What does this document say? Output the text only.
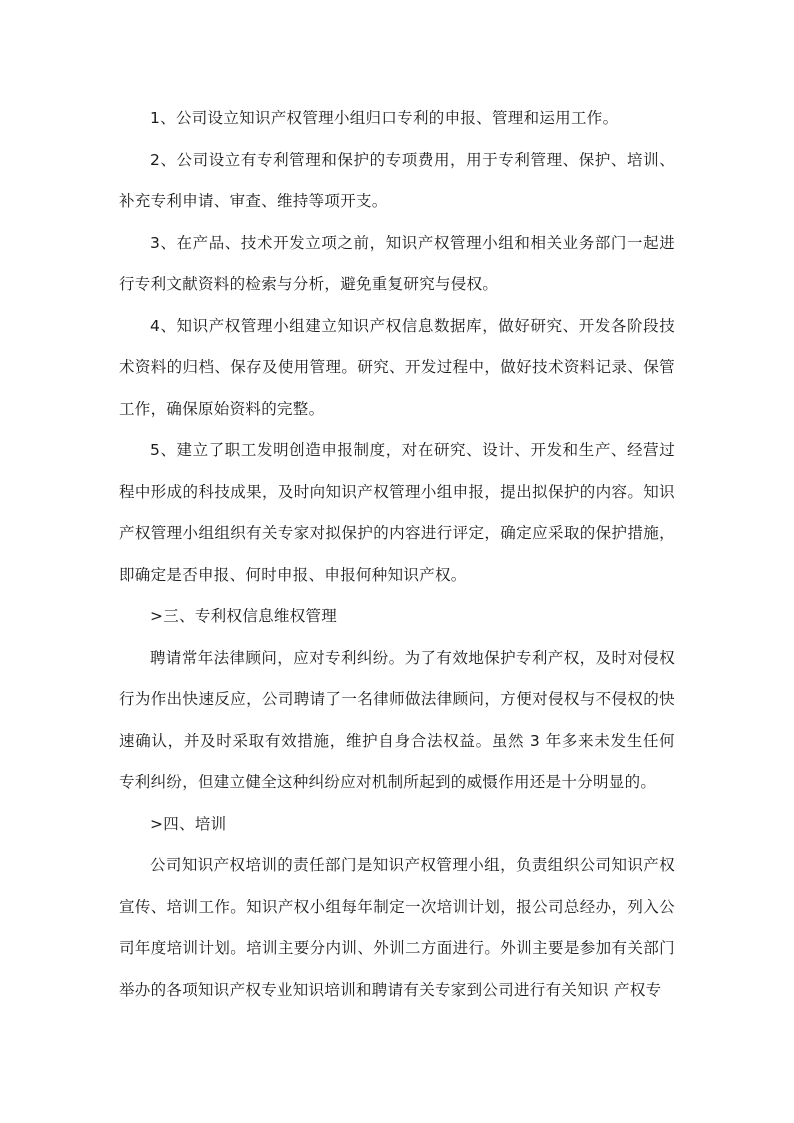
1、公司设立知识产权管理小组归口专利的申报、管理和运用工作。

2、公司设立有专利管理和保护的专项费用，用于专利管理、保护、培训、补充专利申请、审查、维持等项开支。

3、在产品、技术开发立项之前，知识产权管理小组和相关业务部门一起进行专利文献资料的检索与分析，避免重复研究与侵权。

4、知识产权管理小组建立知识产权信息数据库，做好研究、开发各阶段技术资料的归档、保存及使用管理。研究、开发过程中，做好技术资料记录、保管工作，确保原始资料的完整。

5、建立了职工发明创造申报制度，对在研究、设计、开发和生产、经营过程中形成的科技成果，及时向知识产权管理小组申报，提出拟保护的内容。知识产权管理小组组织有关专家对拟保护的内容进行评定，确定应采取的保护措施，即确定是否申报、何时申报、申报何种知识产权。

>三、专利权信息维权管理

聘请常年法律顾问，应对专利纠纷。为了有效地保护专利产权，及时对侵权行为作出快速反应，公司聘请了一名律师做法律顾问，方便对侵权与不侵权的快速确认，并及时采取有效措施，维护自身合法权益。虽然 3 年多来未发生任何专利纠纷，但建立健全这种纠纷应对机制所起到的威慑作用还是十分明显的。

>四、培训

公司知识产权培训的责任部门是知识产权管理小组，负责组织公司知识产权宣传、培训工作。知识产权小组每年制定一次培训计划，报公司总经办，列入公司年度培训计划。培训主要分内训、外训二方面进行。外训主要是参加有关部门举办的各项知识产权专业知识培训和聘请有关专家到公司进行有关知识 产权专
